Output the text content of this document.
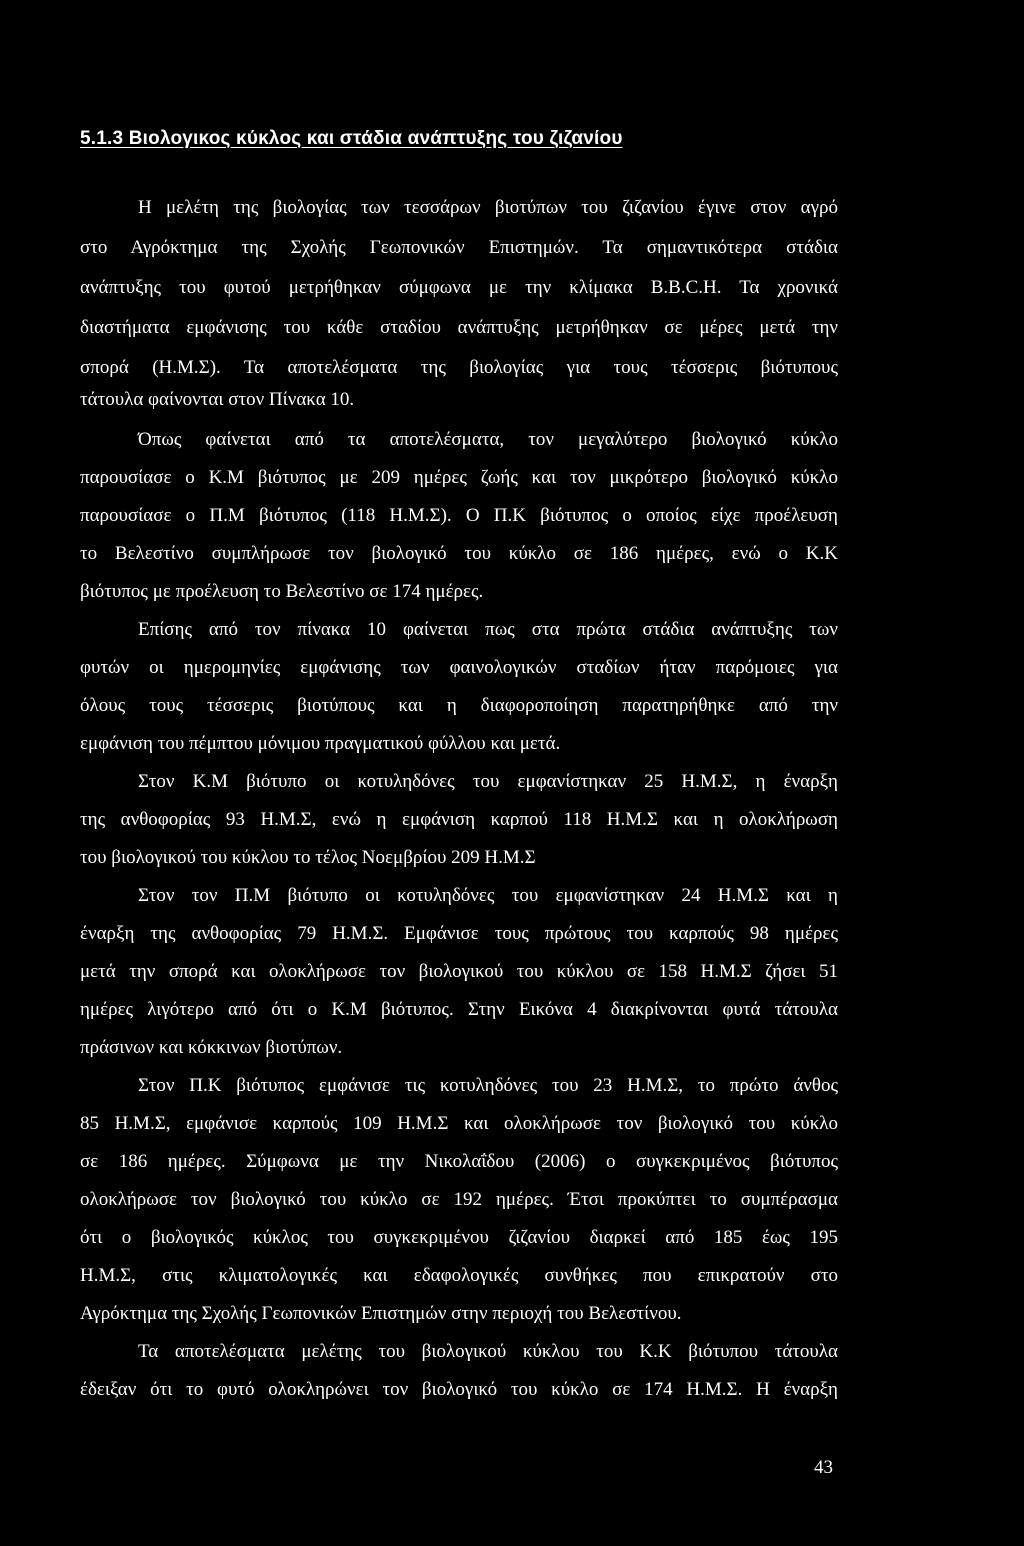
5.1.3 Βιολογικος κύκλος και στάδια ανάπτυξης του ζιζανίου
Η μελέτη της βιολογίας των τεσσάρων βιοτύπων του ζιζανίου έγινε στον αγρό
στο Αγρόκτημα της Σχολής Γεωπονικών Επιστημών. Τα σημαντικότερα στάδια
ανάπτυξης του φυτού μετρήθηκαν σύμφωνα με την κλίμακα Β.Β.C.Η. Τα χρονικά
διαστήματα εμφάνισης του κάθε σταδίου ανάπτυξης μετρήθηκαν σε μέρες μετά την
σπορά (Η.Μ.Σ). Τα αποτελέσματα της βιολογίας για τους τέσσερις βιότυπους
τάτουλα φαίνονται στον Πίνακα 10.
Όπως φαίνεται από τα αποτελέσματα, τον μεγαλύτερο βιολογικό κύκλο
παρουσίασε ο Κ.Μ βιότυπος με 209 ημέρες ζωής και τον μικρότερο βιολογικό κύκλο
παρουσίασε ο Π.Μ βιότυπος (118 Η.Μ.Σ). Ο Π.Κ βιότυπος ο οποίος είχε προέλευση
το Βελεστίνο συμπλήρωσε τον βιολογικό του κύκλο σε 186 ημέρες, ενώ ο Κ.Κ
βιότυπος με προέλευση το Βελεστίνο σε 174 ημέρες.
Επίσης από τον πίνακα 10 φαίνεται πως στα πρώτα στάδια ανάπτυξης των
φυτών οι ημερομηνίες εμφάνισης των φαινολογικών σταδίων ήταν παρόμοιες για
όλους τους τέσσερις βιοτύπους και η διαφοροποίηση παρατηρήθηκε από την
εμφάνιση του πέμπτου μόνιμου πραγματικού φύλλου και μετά.
Στον Κ.Μ βιότυπο οι κοτυληδόνες του εμφανίστηκαν 25 Η.Μ.Σ, η έναρξη
της ανθοφορίας 93 Η.Μ.Σ, ενώ η εμφάνιση καρπού 118 Η.Μ.Σ και η ολοκλήρωση
του βιολογικού του κύκλου το τέλος Νοεμβρίου 209 Η.Μ.Σ
Στον τον Π.Μ βιότυπο οι κοτυληδόνες του εμφανίστηκαν 24 Η.Μ.Σ και η
έναρξη της ανθοφορίας 79 Η.Μ.Σ. Εμφάνισε τους πρώτους του καρπούς 98 ημέρες
μετά την σπορά και ολοκλήρωσε τον βιολογικού του κύκλου σε 158 Η.Μ.Σ ζήσει 51
ημέρες λιγότερο από ότι ο Κ.Μ βιότυπος. Στην Εικόνα 4 διακρίνονται φυτά τάτουλα
πράσινων και κόκκινων βιοτύπων.
Στον Π.Κ βιότυπος εμφάνισε τις κοτυληδόνες του 23 Η.Μ.Σ, το πρώτο άνθος
85 Η.Μ.Σ, εμφάνισε καρπούς 109 Η.Μ.Σ και ολοκλήρωσε τον βιολογικό του κύκλο
σε 186 ημέρες. Σύμφωνα με την Νικολαΐδου (2006) ο συγκεκριμένος βιότυπος
ολοκλήρωσε τον βιολογικό του κύκλο σε 192 ημέρες. Έτσι προκύπτει το συμπέρασμα
ότι ο βιολογικός κύκλος του συγκεκριμένου ζιζανίου διαρκεί από 185 έως 195
Η.Μ.Σ, στις κλιματολογικές και εδαφολογικές συνθήκες που επικρατούν στο
Αγρόκτημα της Σχολής Γεωπονικών Επιστημών στην περιοχή του Βελεστίνου.
Τα αποτελέσματα μελέτης του βιολογικού κύκλου του Κ.Κ βιότυπου τάτουλα
έδειξαν ότι το φυτό ολοκληρώνει τον βιολογικό του κύκλο σε 174 Η.Μ.Σ. Η έναρξη
43
